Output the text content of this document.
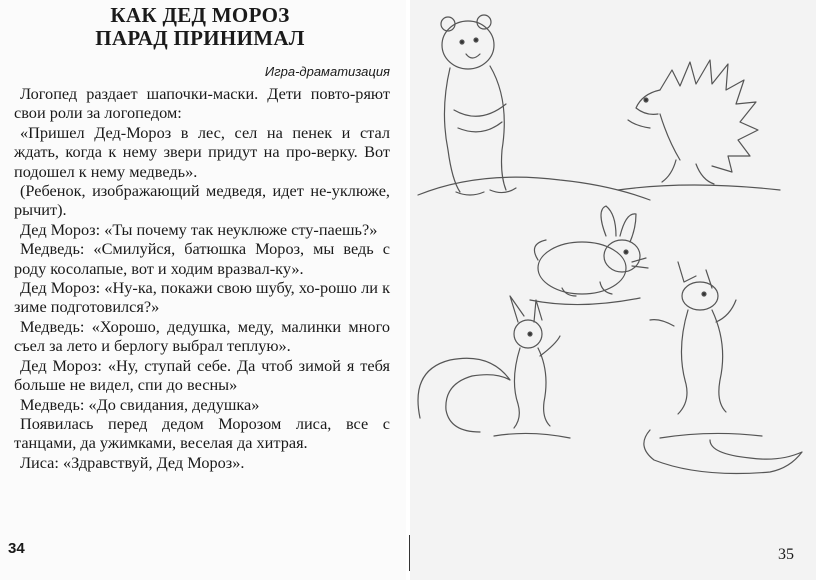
КАК ДЕД МОРОЗ
ПАРАД ПРИНИМАЛ
Игра-драматизация

Логопед раздает шапочки-маски. Дети повто-ряют свои роли за логопедом:

«Пришел Дед-Мороз в лес, сел на пенек и стал ждать, когда к нему звери придут на про-верку. Вот подошел к нему медведь».

(Ребенок, изображающий медведя, идет не-уклюже, рычит).

Дед Мороз: «Ты почему так неуклюже сту-паешь?»

Медведь: «Смилуйся, батюшка Мороз, мы ведь с роду косолапые, вот и ходим вразвал-ку».

Дед Мороз: «Ну-ка, покажи свою шубу, хо-рошо ли к зиме подготовился?»

Медведь: «Хорошо, дедушка, меду, малинки много съел за лето и берлогу выбрал теплую».

Дед Мороз: «Ну, ступай себе. Да чтоб зимой я тебя больше не видел, спи до весны»

Медведь: «До свидания, дедушка»

Появилась перед дедом Морозом лиса, все с танцами, да ужимками, веселая да хитрая.

Лиса: «Здравствуй, Дед Мороз».

34	35
